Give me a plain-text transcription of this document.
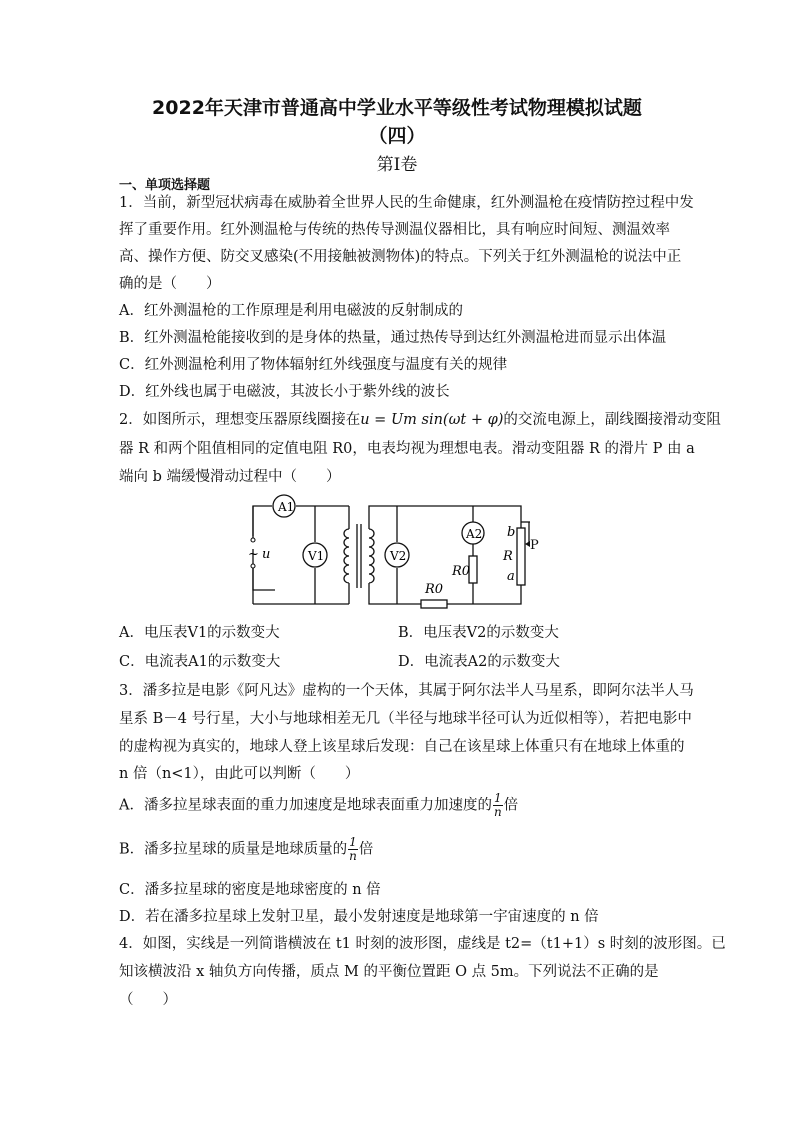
2022年天津市普通高中学业水平等级性考试物理模拟试题
（四）
第Ⅰ卷
一、单项选择题
1．当前，新型冠状病毒在威胁着全世界人民的生命健康，红外测温枪在疫情防控过程中发
挥了重要作用。红外测温枪与传统的热传导测温仪器相比，具有响应时间短、测温效率
高、操作方便、防交叉感染(不用接触被测物体)的特点。下列关于红外测温枪的说法中正
确的是（　　）
A．红外测温枪的工作原理是利用电磁波的反射制成的
B．红外测温枪能接收到的是身体的热量，通过热传导到达红外测温枪进而显示出体温
C．红外测温枪利用了物体辐射红外线强度与温度有关的规律
D．红外线也属于电磁波，其波长小于紫外线的波长
2．如图所示，理想变压器原线圈接在u = Um sin(ωt + φ)的交流电源上，副线圈接滑动变阻
器 R 和两个阻值相同的定值电阻 R0，电表均视为理想电表。滑动变阻器 R 的滑片 P 由 a
端向 b 端缓慢滑动过程中（　　）
~ u
A1
V1	V2
A2
R0
R0
R
b
a
P
A．电压表V1的示数变大	B．电压表V2的示数变大
C．电流表A1的示数变大	D．电流表A2的示数变大
3．潘多拉是电影《阿凡达》虚构的一个天体，其属于阿尔法半人马星系，即阿尔法半人马
星系 B－4 号行星，大小与地球相差无几（半径与地球半径可认为近似相等），若把电影中
的虚构视为真实的，地球人登上该星球后发现：自己在该星球上体重只有在地球上体重的
n 倍（n<1），由此可以判断（　　）
A．潘多拉星球表面的重力加速度是地球表面重力加速度的 $\frac{1}{n}$ 倍
B．潘多拉星球的质量是地球质量的 $\frac{1}{n}$ 倍
C．潘多拉星球的密度是地球密度的 n 倍
D．若在潘多拉星球上发射卫星，最小发射速度是地球第一宇宙速度的 n 倍
4．如图，实线是一列简谐横波在 t1 时刻的波形图，虚线是 t2=（t1+1）s 时刻的波形图。已
知该横波沿 x 轴负方向传播，质点 M 的平衡位置距 O 点 5m。下列说法不正确的是
（　　）
